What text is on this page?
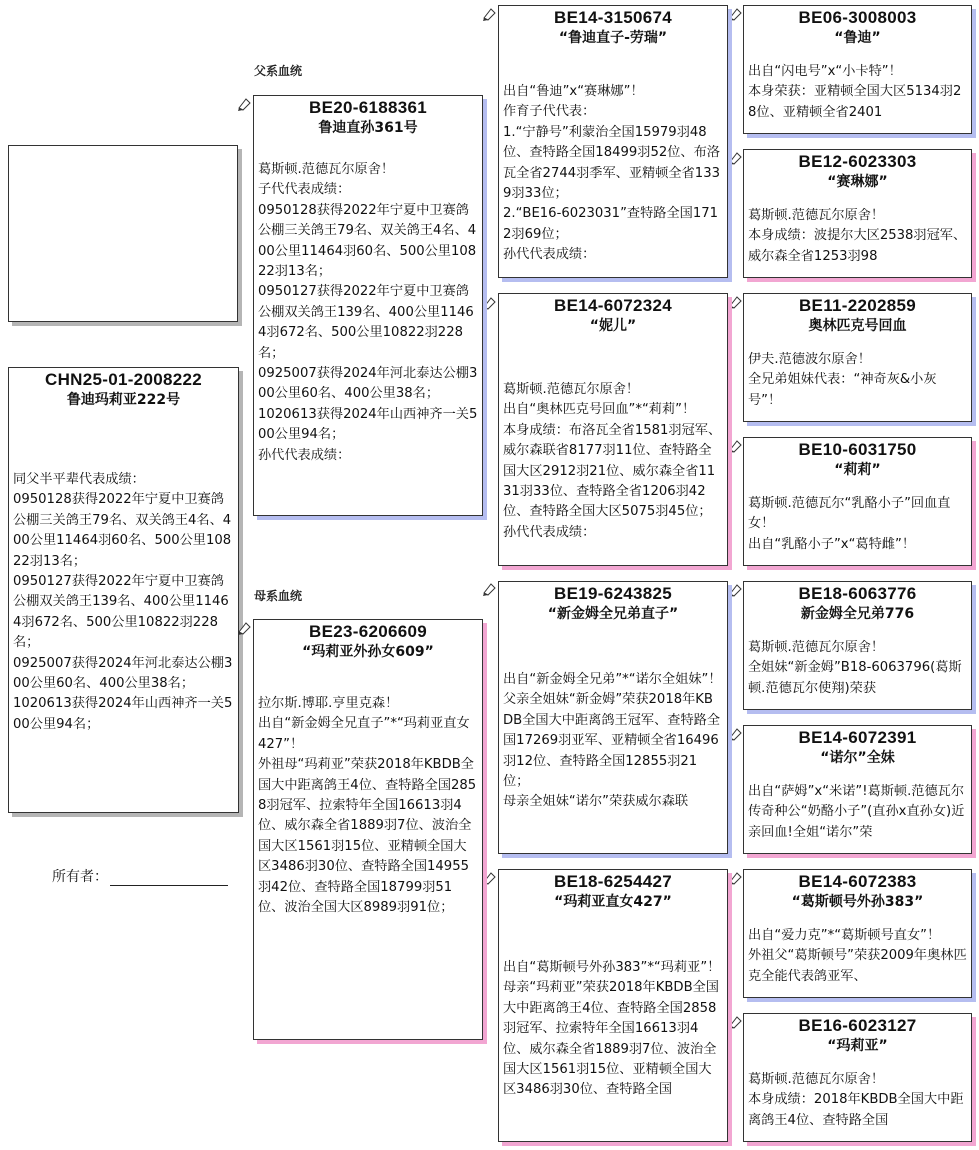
CHN25-01-2008222
鲁迪玛莉亚222号
同父半平辈代表成绩：
0950128获得2022年宁夏中卫赛鸽公棚三关鸽王79名、双关鸽王4名、400公里11464羽60名、500公里10822羽13名；
0950127获得2022年宁夏中卫赛鸽公棚双关鸽王139名、400公里11464羽672名、500公里10822羽228名；
0925007获得2024年河北泰达公棚300公里60名、400公里38名；
1020613获得2024年山西神齐一关500公里94名；
所有者：
父系血统
母系血统
BE20-6188361
鲁迪直孙361号
葛斯顿.范德瓦尔原舍！
子代代表成绩：
0950128获得2022年宁夏中卫赛鸽公棚三关鸽王79名、双关鸽王4名、400公里11464羽60名、500公里10822羽13名；
0950127获得2022年宁夏中卫赛鸽公棚双关鸽王139名、400公里11464羽672名、500公里10822羽228名；
0925007获得2024年河北泰达公棚300公里60名、400公里38名；
1020613获得2024年山西神齐一关500公里94名；
孙代代表成绩：
BE23-6206609
“玛莉亚外孙女609”
拉尔斯.博耶.亨里克森！
出自“新金姆全兄直子”*“玛莉亚直女427”！
外祖母“玛莉亚”荣获2018年KBDB全国大中距离鸽王4位、查特路全国2858羽冠军、拉索特年全国16613羽4位、威尔森全省1889羽7位、波治全国大区1561羽15位、亚精顿全国大区3486羽30位、查特路全国14955羽42位、查特路全国18799羽51位、波治全国大区8989羽91位；
BE14-3150674
“鲁迪直子-劳瑞”
出自“鲁迪”x“赛琳娜”！
作育子代代表：
1.“宁静号”利蒙治全国15979羽48位、查特路全国18499羽52位、布洛瓦全省2744羽季军、亚精顿全省1339羽33位；
2.“BE16-6023031”查特路全国1712羽69位；
孙代代表成绩：
BE14-6072324
“妮儿”
葛斯顿.范德瓦尔原舍！
出自“奥林匹克号回血”*“莉莉”！
本身成绩：布洛瓦全省1581羽冠军、威尔森联省8177羽11位、查特路全国大区2912羽21位、威尔森全省1131羽33位、查特路全省1206羽42位、查特路全国大区5075羽45位；孙代代表成绩：
BE19-6243825
“新金姆全兄弟直子”
出自“新金姆全兄弟”*“诺尔全姐妹”！
父亲全姐妹“新金姆”荣获2018年KBDB全国大中距离鸽王冠军、查特路全国17269羽亚军、亚精顿全省16496羽12位、查特路全国12855羽21位；
母亲全姐妹“诺尔”荣获威尔森联
BE18-6254427
“玛莉亚直女427”
出自“葛斯顿号外孙383”*“玛莉亚”！
母亲“玛莉亚”荣获2018年KBDB全国大中距离鸽王4位、查特路全国2858羽冠军、拉索特年全国16613羽4位、威尔森全省1889羽7位、波治全国大区1561羽15位、亚精顿全国大区3486羽30位、查特路全国
BE06-3008003
“鲁迪”
出自“闪电号”x“小卡特”！
本身荣获：亚精顿全国大区5134羽28位、亚精顿全省2401
BE12-6023303
“赛琳娜”
葛斯顿.范德瓦尔原舍！
本身成绩：波提尔大区2538羽冠军、威尔森全省1253羽98
BE11-2202859
奥林匹克号回血
伊夫.范德波尔原舍！
全兄弟姐妹代表：“神奇灰&小灰号”！
BE10-6031750
“莉莉”
葛斯顿.范德瓦尔“乳酪小子”回血直女！
出自“乳酪小子”x“葛特雌”！
BE18-6063776
新金姆全兄弟776
葛斯顿.范德瓦尔原舍！
全姐妹“新金姆”B18-6063796(葛斯顿.范德瓦尔使翔)荣获
BE14-6072391
“诺尔”全妹
出自“萨姆”x“米诺”!葛斯顿.范德瓦尔传奇种公“奶酪小子”(直孙x直孙女)近亲回血!全姐“诺尔”荣
BE14-6072383
“葛斯顿号外孙383”
出自“爱力克”*“葛斯顿号直女”！
外祖父“葛斯顿号”荣获2009年奥林匹克全能代表鸽亚军、
BE16-6023127
“玛莉亚”
葛斯顿.范德瓦尔原舍！
本身成绩：2018年KBDB全国大中距离鸽王4位、查特路全国
